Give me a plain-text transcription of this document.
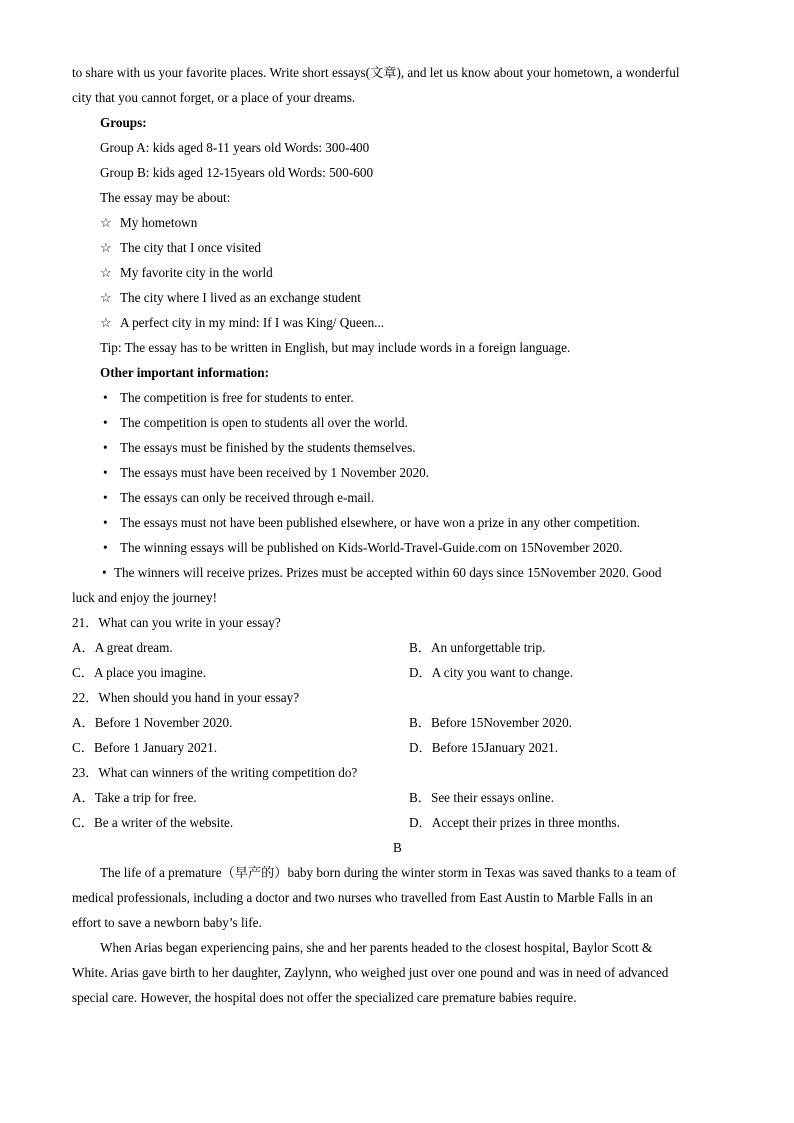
to share with us your favorite places. Write short essays(文章), and let us know about your hometown, a wonderful
city that you cannot forget, or a place of your dreams.
Groups:
Group A: kids aged 8-11 years old Words: 300-400
Group B: kids aged 12-15years old Words: 500-600
The essay may be about:
☆ My hometown
☆ The city that I once visited
☆ My favorite city in the world
☆ The city where I lived as an exchange student
☆ A perfect city in my mind: If I was King/ Queen...
Tip: The essay has to be written in English, but may include words in a foreign language.
Other important information:
• The competition is free for students to enter.
• The competition is open to students all over the world.
• The essays must be finished by the students themselves.
• The essays must have been received by 1 November 2020.
• The essays can only be received through e-mail.
• The essays must not have been published elsewhere, or have won a prize in any other competition.
• The winning essays will be published on Kids-World-Travel-Guide.com on 15November 2020.
• The winners will receive prizes. Prizes must be accepted within 60 days since 15November 2020. Good
luck and enjoy the journey!
21．What can you write in your essay?
A．A great dream.	B．An unforgettable trip.
C．A place you imagine.	D．A city you want to change.
22．When should you hand in your essay?
A．Before 1 November 2020.	B．Before 15November 2020.
C．Before 1 January 2021.	D．Before 15January 2021.
23．What can winners of the writing competition do?
A．Take a trip for free.	B．See their essays online.
C．Be a writer of the website.	D．Accept their prizes in three months.
B
The life of a premature（早产的）baby born during the winter storm in Texas was saved thanks to a team of
medical professionals, including a doctor and two nurses who travelled from East Austin to Marble Falls in an
effort to save a newborn baby’s life.
When Arias began experiencing pains, she and her parents headed to the closest hospital, Baylor Scott &
White. Arias gave birth to her daughter, Zaylynn, who weighed just over one pound and was in need of advanced
special care. However, the hospital does not offer the specialized care premature babies require.
